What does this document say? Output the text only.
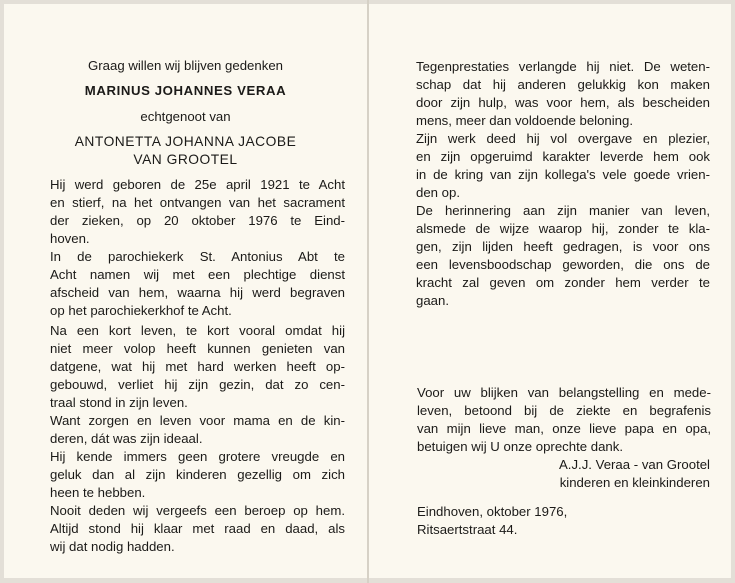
Graag willen wij blijven gedenken
MARINUS JOHANNES VERAA
echtgenoot van
ANTONETTA JOHANNA JACOBE
VAN GROOTEL
Hij werd geboren de 25e april 1921 te Acht
en stierf, na het ontvangen van het sacrament
der zieken, op 20 oktober 1976 te Eind-
hoven.
In de parochiekerk St. Antonius Abt te
Acht namen wij met een plechtige dienst
afscheid van hem, waarna hij werd begraven
op het parochiekerkhof te Acht.
Na een kort leven, te kort vooral omdat hij
niet meer volop heeft kunnen genieten van
datgene, wat hij met hard werken heeft op-
gebouwd, verliet hij zijn gezin, dat zo cen-
traal stond in zijn leven.
Want zorgen en leven voor mama en de kin-
deren, dát was zijn ideaal.
Hij kende immers geen grotere vreugde en
geluk dan al zijn kinderen gezellig om zich
heen te hebben.
Nooit deden wij vergeefs een beroep op hem.
Altijd stond hij klaar met raad en daad, als
wij dat nodig hadden.
Tegenprestaties verlangde hij niet. De weten-
schap dat hij anderen gelukkig kon maken
door zijn hulp, was voor hem, als bescheiden
mens, meer dan voldoende beloning.
Zijn werk deed hij vol overgave en plezier,
en zijn opgeruimd karakter leverde hem ook
in de kring van zijn kollega's vele goede vrien-
den op.
De herinnering aan zijn manier van leven,
alsmede de wijze waarop hij, zonder te kla-
gen, zijn lijden heeft gedragen, is voor ons
een levensboodschap geworden, die ons de
kracht zal geven om zonder hem verder te
gaan.
Voor uw blijken van belangstelling en mede-
leven, betoond bij de ziekte en begrafenis
van mijn lieve man, onze lieve papa en opa,
betuigen wij U onze oprechte dank.
A.J.J. Veraa - van Grootel
kinderen en kleinkinderen
Eindhoven, oktober 1976,
Ritsaertstraat 44.
